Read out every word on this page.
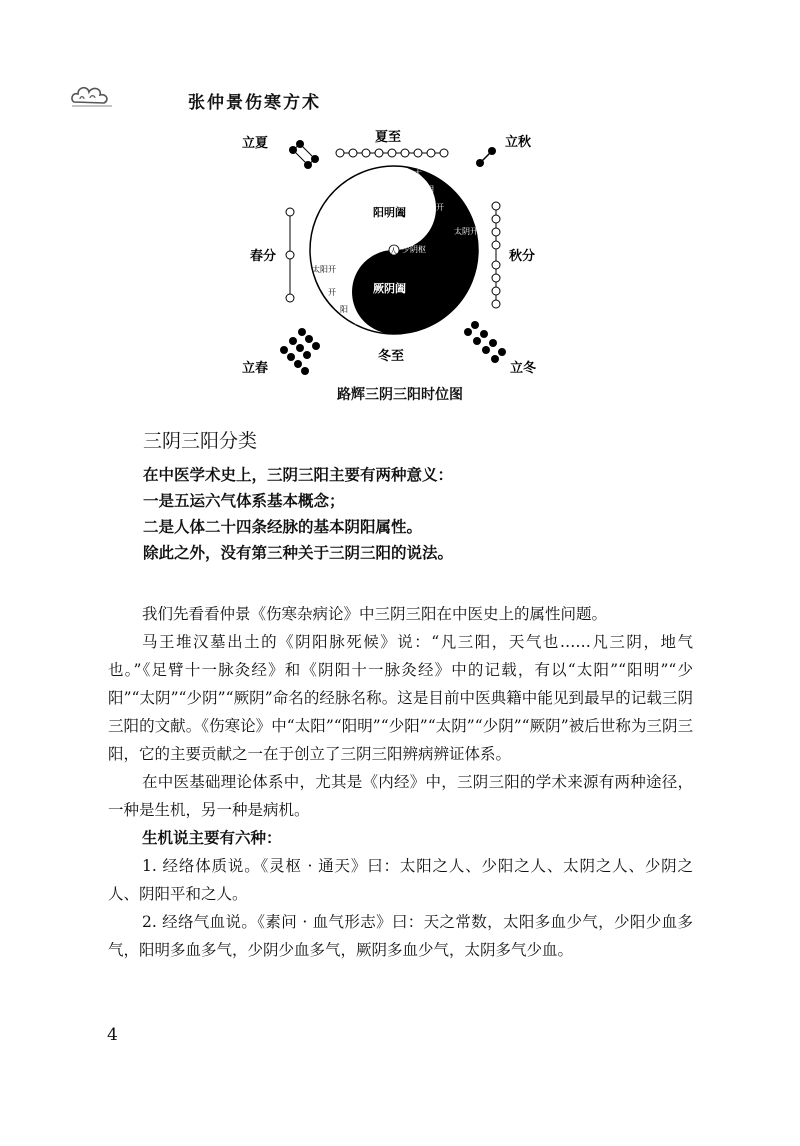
张仲景伤寒方术
阳明阖
厥阴阖
少阳枢	少阴枢
人
太阴开
太
阴
开
太阳开
开
阳
太
立夏	夏至	立秋
春分	秋分
立春
冬至
立冬
路辉三阴三阳时位图
三阴三阳分类
在中医学术史上，三阴三阳主要有两种意义：
一是五运六气体系基本概念；
二是人体二十四条经脉的基本阴阳属性。
除此之外，没有第三种关于三阴三阳的说法。

我们先看看仲景《伤寒杂病论》中三阴三阳在中医史上的属性问题。

马王堆汉墓出土的《阴阳脉死候》说：“凡三阳，天气也……凡三阴，地气也。”《足臂十一脉灸经》和《阴阳十一脉灸经》中的记载，有以“太阳”“阳明”“少阳”“太阴”“少阴”“厥阴”命名的经脉名称。这是目前中医典籍中能见到最早的记载三阴三阳的文献。《伤寒论》中“太阳”“阳明”“少阳”“太阴”“少阴”“厥阴”被后世称为三阴三阳，它的主要贡献之一在于创立了三阴三阳辨病辨证体系。

在中医基础理论体系中，尤其是《内经》中，三阴三阳的学术来源有两种途径，一种是生机，另一种是病机。

生机说主要有六种：

1. 经络体质说。《灵枢 · 通天》曰：太阳之人、少阳之人、太阴之人、少阴之人、阴阳平和之人。

2. 经络气血说。《素问 · 血气形志》曰：天之常数，太阳多血少气，少阳少血多气，阳明多血多气，少阴少血多气，厥阴多血少气，太阴多气少血。

4
